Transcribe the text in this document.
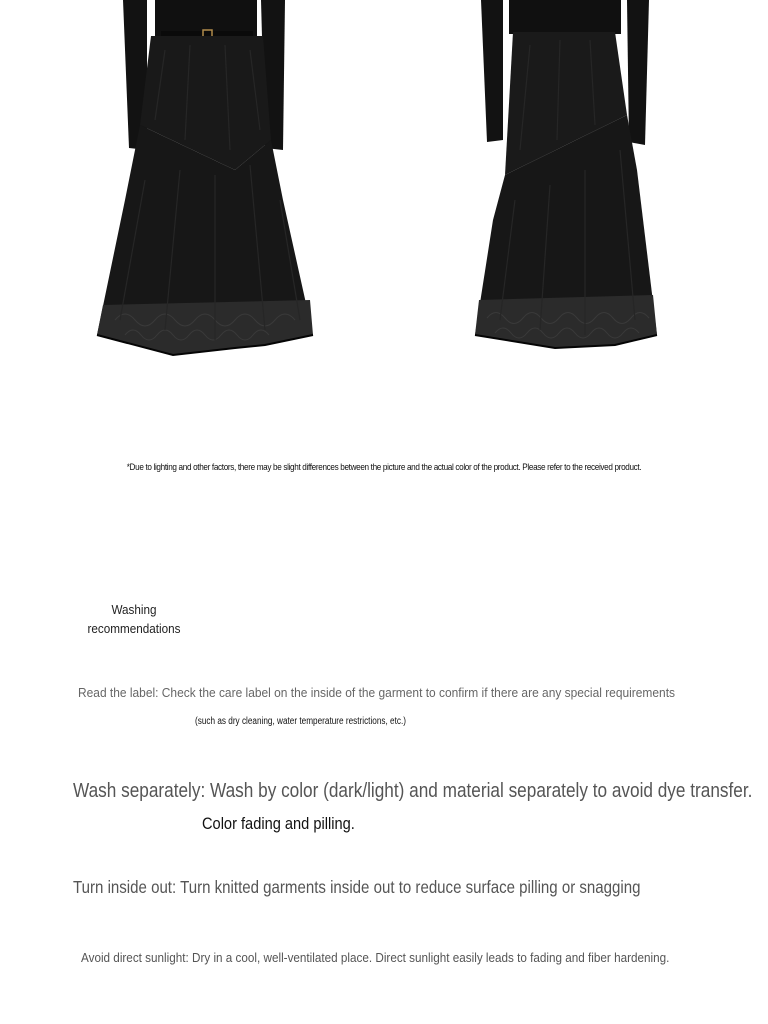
*Due to lighting and other factors, there may be slight differences between the picture and the actual color of the product. Please refer to the received product.
Washing
recommendations
Read the label: Check the care label on the inside of the garment to confirm if there are any special requirements
(such as dry cleaning, water temperature restrictions, etc.)
Wash separately: Wash by color (dark/light) and material separately to avoid dye transfer.
Color fading and pilling.
Turn inside out: Turn knitted garments inside out to reduce surface pilling or snagging
Avoid direct sunlight: Dry in a cool, well-ventilated place. Direct sunlight easily leads to fading and fiber hardening.
